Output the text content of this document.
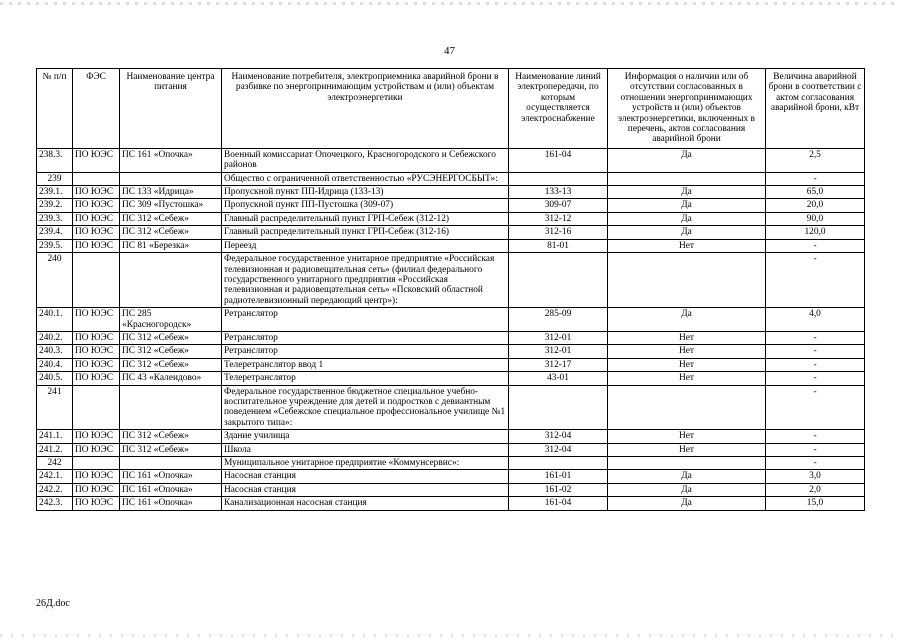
47
№ п/п	ФЭС	Наименование центра питания	Наименование потребителя, электроприемника аварийной брони в разбивке по энергопринимающим устройствам и (или) объектам электроэнергетики	Наименование линий электропередачи, по которым осуществляется электроснабжение	Информация о наличии или об отсутствии согласованных в отношении энергопринимающих устройств и (или) объектов электроэнергетики, включенных в перечень, актов согласования аварийной брони	Величина аварийной брони в соответствии с актом согласования аварийной брони, кВт
238.3.	ПО ЮЭС	ПС 161 «Опочка»	Военный комиссариат Опочецкого, Красногородского и Себежского районов	161-04	Да	2,5
239			Общество с ограниченной ответственностью «РУСЭНЕРГОСБЫТ»:			-
239.1.	ПО ЮЭС	ПС 133 «Идрица»	Пропускной пункт ПП-Идрица (133-13)	133-13	Да	65,0
239.2.	ПО ЮЭС	ПС 309 «Пустошка»	Пропускной пункт ПП-Пустошка (309-07)	309-07	Да	20,0
239.3.	ПО ЮЭС	ПС 312 «Себеж»	Главный распределительный пункт ГРП-Себеж (312-12)	312-12	Да	90,0
239.4.	ПО ЮЭС	ПС 312 «Себеж»	Главный распределительный пункт ГРП-Себеж (312-16)	312-16	Да	120,0
239.5.	ПО ЮЭС	ПС 81 «Березка»	Переезд	81-01	Нет	-
240			Федеральное государственное унитарное предприятие «Российская телевизионная и радиовещательная сеть» (филиал федерального государственного унитарного предприятия «Российская телевизионная и радиовещательная сеть» «Псковский областной радиотелевизионный передающий центр»):			-
240.1.	ПО ЮЭС	ПС 285 «Красногородск»	Ретранслятор	285-09	Да	4,0
240.2.	ПО ЮЭС	ПС 312 «Себеж»	Ретранслятор	312-01	Нет	-
240.3.	ПО ЮЭС	ПС 312 «Себеж»	Ретранслятор	312-01	Нет	-
240.4.	ПО ЮЭС	ПС 312 «Себеж»	Телеретранслятор ввод 1	312-17	Нет	-
240.5.	ПО ЮЭС	ПС 43 «Калеидово»	Телеретранслятор	43-01	Нет	-
241			Федеральное государственное бюджетное специальное учебно-воспитательное учреждение для детей и подростков с девиантным поведением «Себежское специальное профессиональное училище №1 закрытого типа»:			-
241.1.	ПО ЮЭС	ПС 312 «Себеж»	Здание училища	312-04	Нет	-
241.2.	ПО ЮЭС	ПС 312 «Себеж»	Школа	312-04	Нет	-
242			Муниципальное унитарное предприятие «Коммунсервис»:			-
242.1.	ПО ЮЭС	ПС 161 «Опочка»	Насосная станция	161-01	Да	3,0
242.2.	ПО ЮЭС	ПС 161 «Опочка»	Насосная станция	161-02	Да	2,0
242.3.	ПО ЮЭС	ПС 161 «Опочка»	Канализационная насосная станция	161-04	Да	15,0
26Д.doc
